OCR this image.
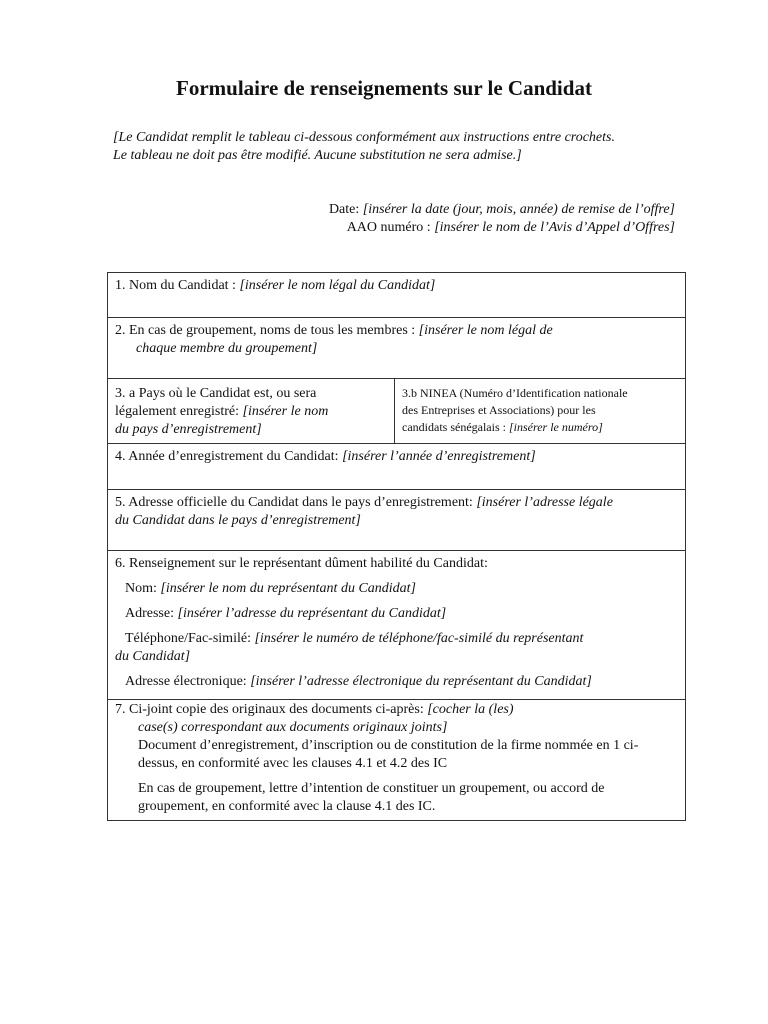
Formulaire de renseignements sur le Candidat
[Le Candidat remplit le tableau ci-dessous conformément aux instructions entre crochets.
Le tableau ne doit pas être modifié. Aucune substitution ne sera admise.]
Date: [insérer la date (jour, mois, année) de remise de l’offre]
AAO numéro : [insérer le nom de l’Avis d’Appel d’Offres]
1. Nom du Candidat : [insérer le nom légal du Candidat]

2. En cas de groupement, noms de tous les membres : [insérer le nom légal de
chaque membre du groupement]

3. a Pays où le Candidat est, ou sera
légalement enregistré: [insérer le nom
du pays d’enregistrement]

3.b NINEA (Numéro d’Identification nationale
des Entreprises et Associations) pour les
candidats sénégalais : [insérer le numéro]

4. Année d’enregistrement du Candidat: [insérer l’année d’enregistrement]

5. Adresse officielle du Candidat dans le pays d’enregistrement: [insérer l’adresse légale
du Candidat dans le pays d’enregistrement]

6. Renseignement sur le représentant dûment habilité du Candidat:
Nom: [insérer le nom du représentant du Candidat]
Adresse: [insérer l’adresse du représentant du Candidat]
Téléphone/Fac-similé: [insérer le numéro de téléphone/fac-similé du représentant
du Candidat]
Adresse électronique: [insérer l’adresse électronique du représentant du Candidat]

7. Ci-joint copie des originaux des documents ci-après: [cocher la (les)
case(s) correspondant aux documents originaux joints]
Document d’enregistrement, d’inscription ou de constitution de la firme nommée en 1 ci-
dessus, en conformité avec les clauses 4.1 et 4.2 des IC
En cas de groupement, lettre d’intention de constituer un groupement, ou accord de
groupement, en conformité avec la clause 4.1 des IC.
